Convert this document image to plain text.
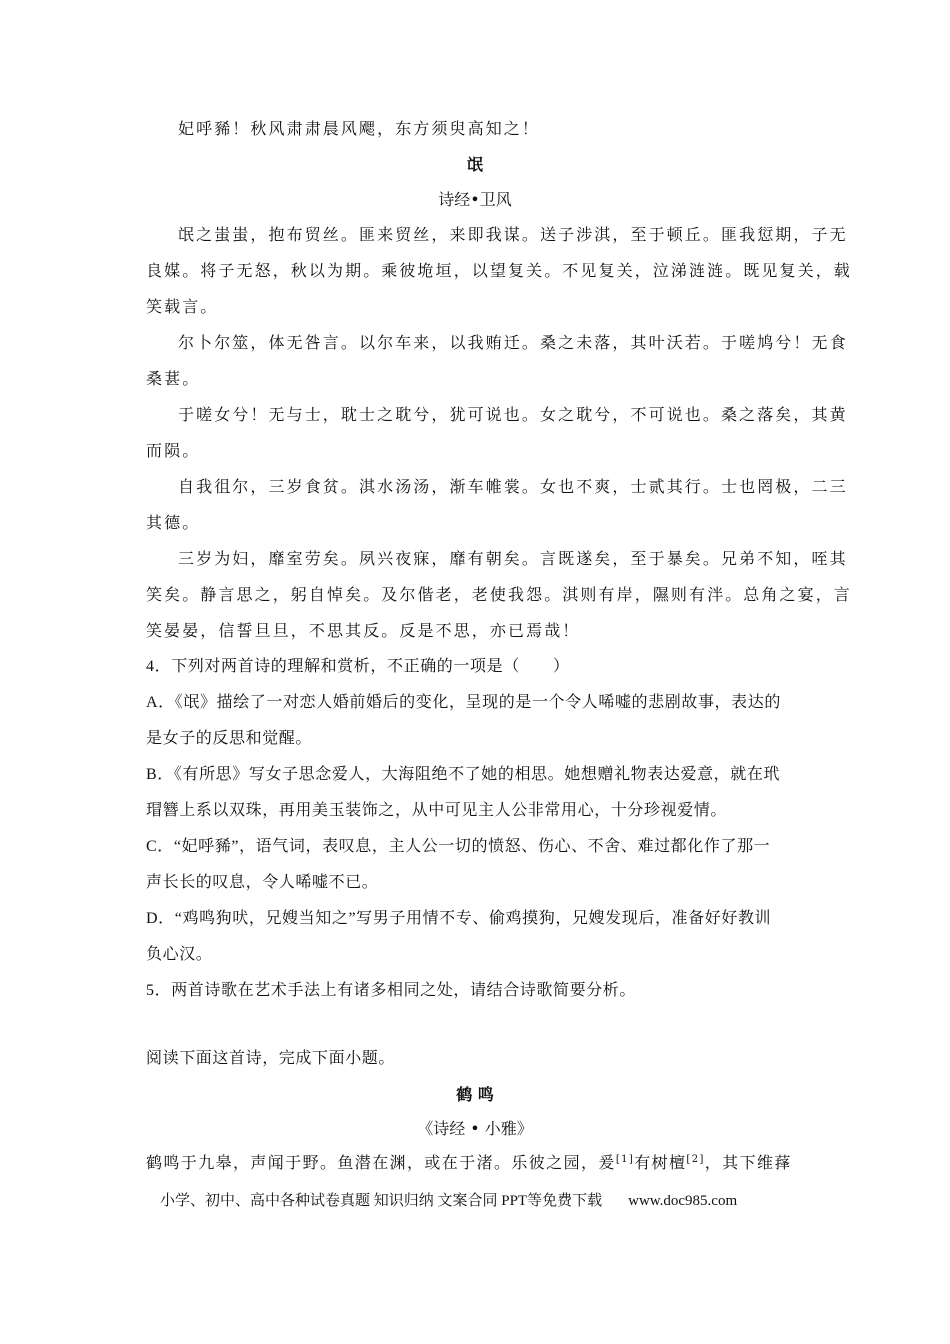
妃呼豨！秋风肃肃晨风飔，东方须臾高知之！
氓
诗经•卫风
氓之蚩蚩，抱布贸丝。匪来贸丝，来即我谋。送子涉淇，至于顿丘。匪我愆期，子无
良媒。将子无怒，秋以为期。乘彼垝垣，以望复关。不见复关，泣涕涟涟。既见复关，载
笑载言。
尔卜尔筮，体无咎言。以尔车来，以我贿迁。桑之未落，其叶沃若。于嗟鸠兮！无食
桑葚。
于嗟女兮！无与士，耽士之耽兮，犹可说也。女之耽兮，不可说也。桑之落矣，其黄
而陨。
自我徂尔，三岁食贫。淇水汤汤，渐车帷裳。女也不爽，士贰其行。士也罔极，二三
其德。
三岁为妇，靡室劳矣。夙兴夜寐，靡有朝矣。言既遂矣，至于暴矣。兄弟不知，咥其
笑矣。静言思之，躬自悼矣。及尔偕老，老使我怨。淇则有岸，隰则有泮。总角之宴，言
笑晏晏，信誓旦旦，不思其反。反是不思，亦已焉哉！
4．下列对两首诗的理解和赏析，不正确的一项是（　　）
A．《氓》描绘了一对恋人婚前婚后的变化，呈现的是一个令人唏嘘的悲剧故事，表达的
是女子的反思和觉醒。
B．《有所思》写女子思念爱人，大海阻绝不了她的相思。她想赠礼物表达爱意，就在玳
瑁簪上系以双珠，再用美玉装饰之，从中可见主人公非常用心，十分珍视爱情。
C．“妃呼豨”，语气词，表叹息，主人公一切的愤怒、伤心、不舍、难过都化作了那一
声长长的叹息，令人唏嘘不已。
D．“鸡鸣狗吠，兄嫂当知之”写男子用情不专、偷鸡摸狗，兄嫂发现后，准备好好教训
负心汉。
5．两首诗歌在艺术手法上有诸多相同之处，请结合诗歌简要分析。
阅读下面这首诗，完成下面小题。
鹤 鸣
《诗经 • 小雅》
鹤鸣于九皋，声闻于野。鱼潜在渊，或在于渚。乐彼之园，爰[1]有树檀[2]，其下维萚
小学、初中、高中各种试卷真题 知识归纳 文案合同 PPT等免费下载 www.doc985.com
